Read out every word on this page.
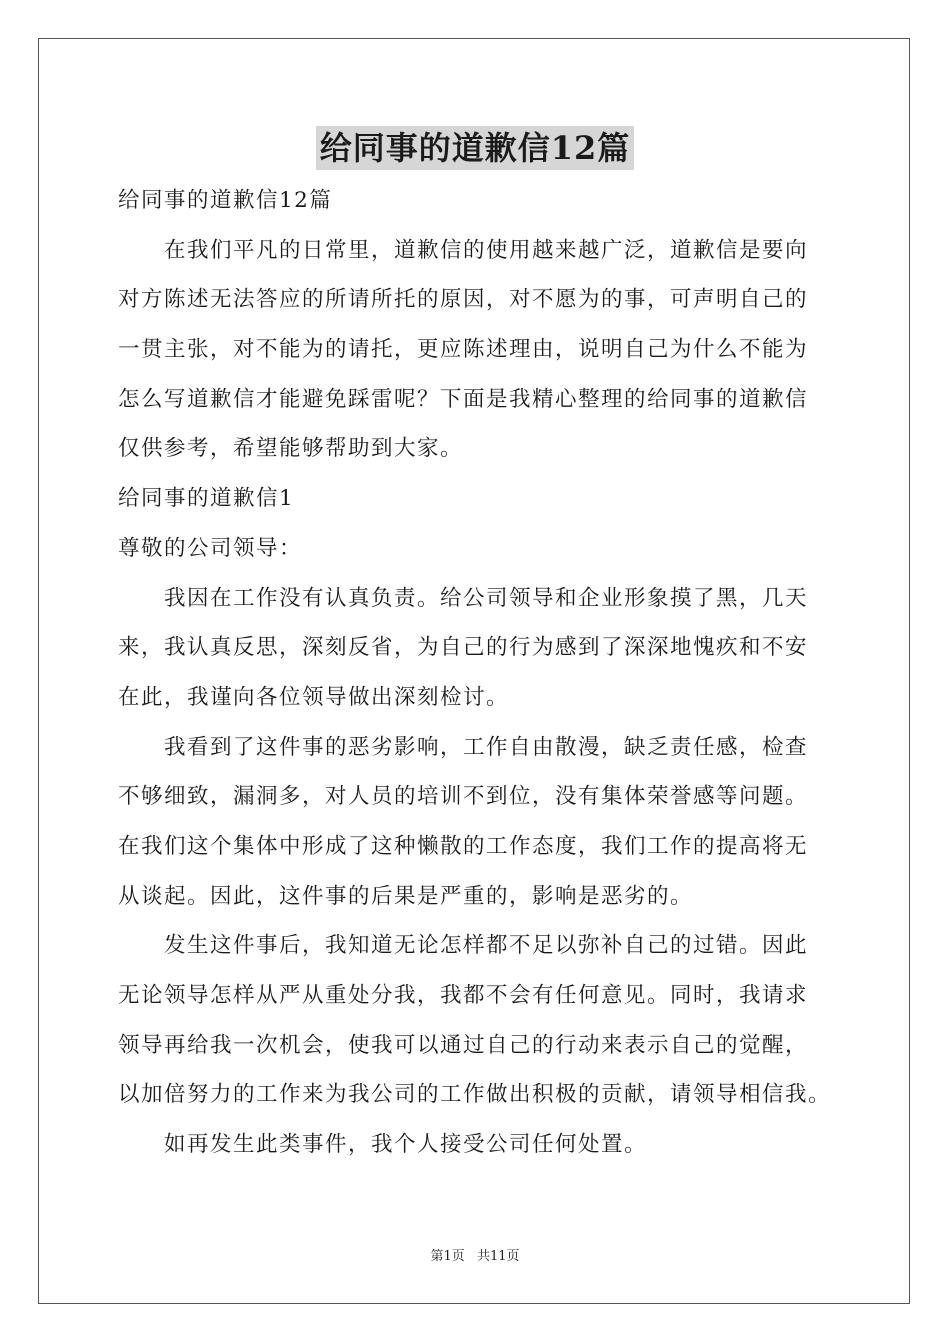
给同事的道歉信12篇
给同事的道歉信12篇
在我们平凡的日常里，道歉信的使用越来越广泛，道歉信是要向
对方陈述无法答应的所请所托的原因，对不愿为的事，可声明自己的
一贯主张，对不能为的请托，更应陈述理由，说明自己为什么不能为
怎么写道歉信才能避免踩雷呢？下面是我精心整理的给同事的道歉信
仅供参考，希望能够帮助到大家。
给同事的道歉信1
尊敬的公司领导：
我因在工作没有认真负责。给公司领导和企业形象摸了黑，几天
来，我认真反思，深刻反省，为自己的行为感到了深深地愧疚和不安
在此，我谨向各位领导做出深刻检讨。
我看到了这件事的恶劣影响，工作自由散漫，缺乏责任感，检查
不够细致，漏洞多，对人员的培训不到位，没有集体荣誉感等问题。
在我们这个集体中形成了这种懒散的工作态度，我们工作的提高将无
从谈起。因此，这件事的后果是严重的，影响是恶劣的。
发生这件事后，我知道无论怎样都不足以弥补自己的过错。因此
无论领导怎样从严从重处分我，我都不会有任何意见。同时，我请求
领导再给我一次机会，使我可以通过自己的行动来表示自己的觉醒，
以加倍努力的工作来为我公司的工作做出积极的贡献，请领导相信我。
如再发生此类事件，我个人接受公司任何处置。
第1页 共11页
